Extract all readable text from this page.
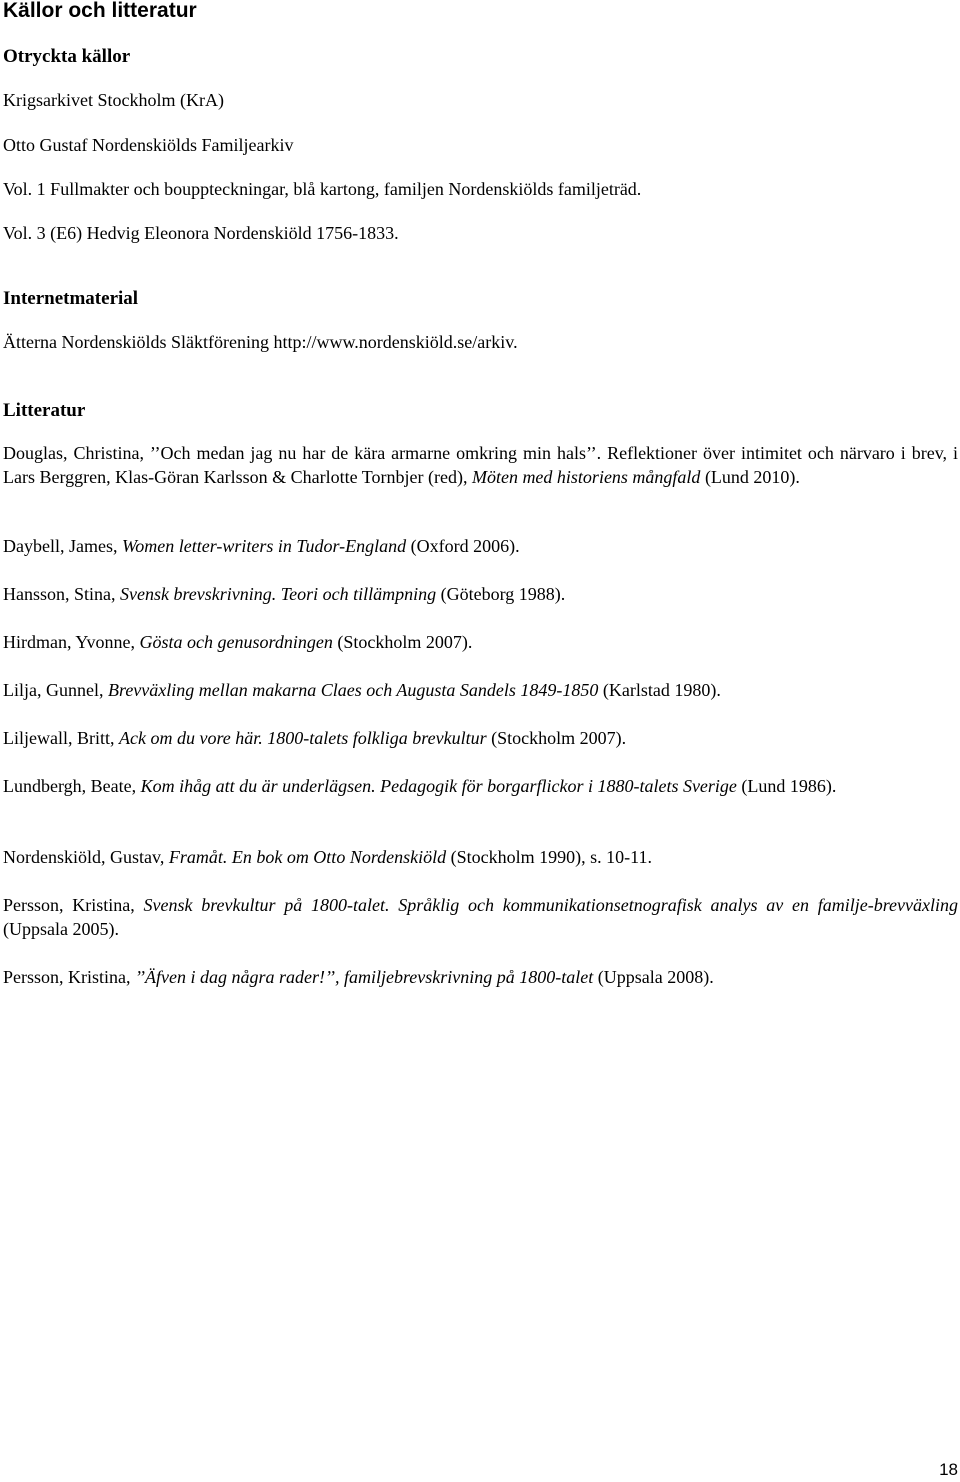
Källor och litteratur
Otryckta källor
Krigsarkivet Stockholm (KrA)
Otto Gustaf Nordenskiölds Familjearkiv
Vol. 1 Fullmakter och bouppteckningar, blå kartong, familjen Nordenskiölds familjeträd.
Vol. 3 (E6) Hedvig Eleonora Nordenskiöld 1756-1833.
Internetmaterial
Ätterna Nordenskiölds Släktförening http://www.nordenskiöld.se/arkiv.
Litteratur
Douglas, Christina, ’’Och medan jag nu har de kära armarne omkring min hals’’. Reflektioner över intimitet och närvaro i brev, i Lars Berggren, Klas-Göran Karlsson & Charlotte Tornbjer (red), Möten med historiens mångfald (Lund 2010).
Daybell, James, Women letter-writers in Tudor-England (Oxford 2006).
Hansson, Stina, Svensk brevskrivning. Teori och tillämpning (Göteborg 1988).
Hirdman, Yvonne, Gösta och genusordningen (Stockholm 2007).
Lilja, Gunnel, Brevväxling mellan makarna Claes och Augusta Sandels 1849-1850 (Karlstad 1980).
Liljewall, Britt, Ack om du vore här. 1800-talets folkliga brevkultur (Stockholm 2007).
Lundbergh, Beate, Kom ihåg att du är underlägsen. Pedagogik för borgarflickor i 1880-talets Sverige (Lund 1986).
Nordenskiöld, Gustav, Framåt. En bok om Otto Nordenskiöld (Stockholm 1990), s. 10-11.
Persson, Kristina, Svensk brevkultur på 1800-talet. Språklig och kommunikationsetnografisk analys av en familje-brevväxling (Uppsala 2005).
Persson, Kristina, ’’Äfven i dag några rader!’’, familjebrevskrivning på 1800-talet (Uppsala 2008).
18
